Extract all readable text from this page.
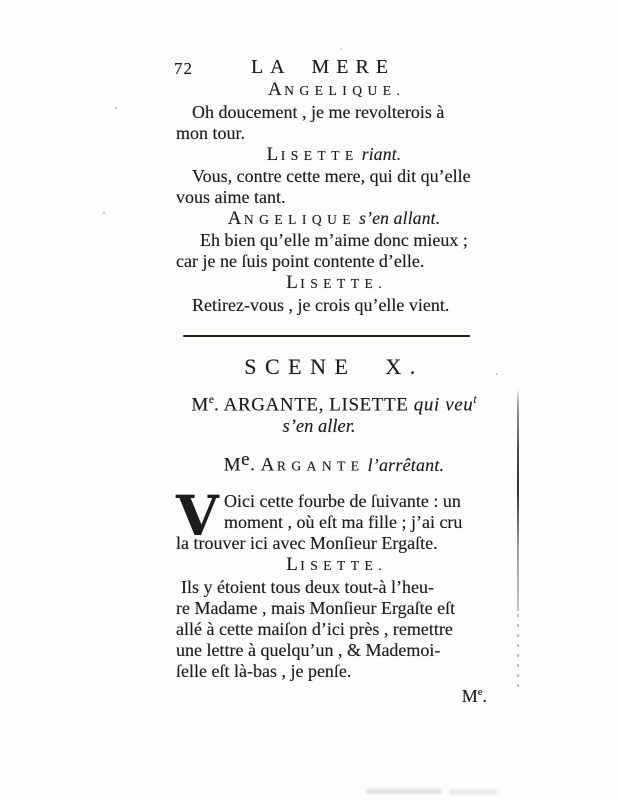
72	LA MERE
ANGELIQUE.
Oh doucement , je me revolterois à
mon tour.
LISETTE riant.
Vous, contre cette mere, qui dit qu’elle
vous aime tant.
ANGELIQUE s’en allant.
Eh bien qu’elle m’aime donc mieux ;
car je ne ſuis point contente d’elle.
LISETTE.
Retirez-vous , je crois qu’elle vient.
SCENE X.
Me. ARGANTE, LISETTE qui veu$^t$
s’en aller.
Me. ARGANTE l’arrêtant.
V Oici cette fourbe de ſuivante : un
moment , où eſt ma fille ; j’ai cru
la trouver ici avec Monſieur Ergaſte.
LISETTE.
Ils y étoient tous deux tout-à l’heu-
re Madame , mais Monſieur Ergaſte eſt
allé à cette maiſon d’ici près , remettre
une lettre à quelqu’un , & Mademoi-
ſelle eſt là-bas , je penſe.
Me.
